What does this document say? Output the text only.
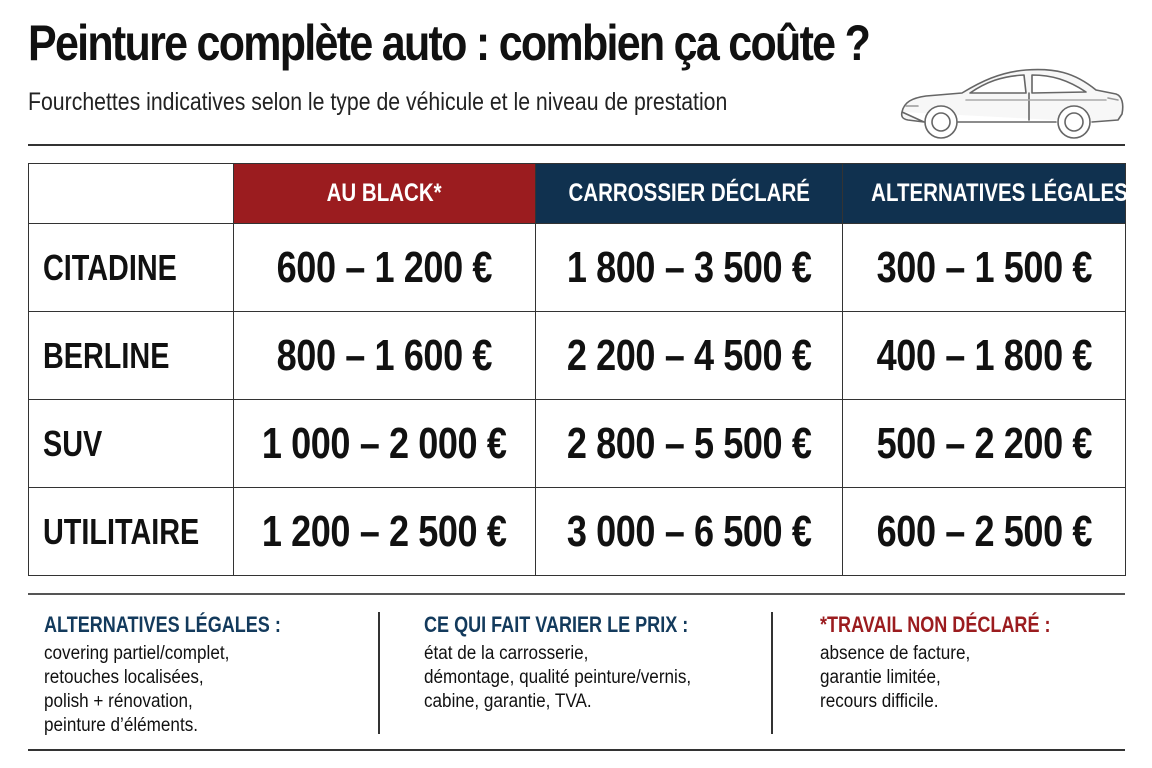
Peinture complète auto : combien ça coûte ?
Fourchettes indicatives selon le type de véhicule et le niveau de prestation
	AU BLACK*	CARROSSIER DÉCLARÉ	ALTERNATIVES LÉGALES
CITADINE	600 – 1 200 €	1 800 – 3 500 €	300 – 1 500 €
BERLINE	800 – 1 600 €	2 200 – 4 500 €	400 – 1 800 €
SUV	1 000 – 2 000 €	2 800 – 5 500 €	500 – 2 200 €
UTILITAIRE	1 200 – 2 500 €	3 000 – 6 500 €	600 – 2 500 €
ALTERNATIVES LÉGALES :

covering partiel/complet,

retouches localisées,

polish + rénovation,

peinture d’éléments.

CE QUI FAIT VARIER LE PRIX :

état de la carrosserie,

démontage, qualité peinture/vernis,

cabine, garantie, TVA.

*TRAVAIL NON DÉCLARÉ :

absence de facture,

garantie limitée,

recours difficile.
